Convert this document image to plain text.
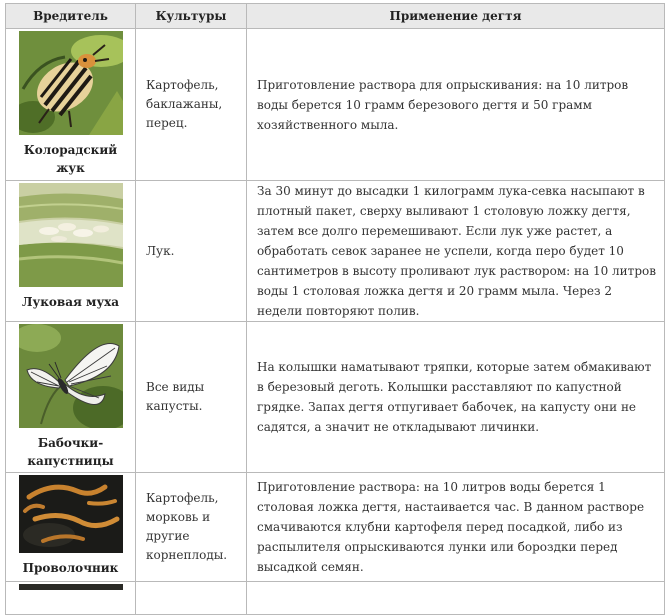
Вредитель	Культуры	Применение дегтя

Колорадский жук	Картофель, баклажаны, перец.	Приготовление раствора для опрыскивания: на 10 литров воды берется 10 грамм березового дегтя и 50 грамм хозяйственного мыла.

Луковая муха	Лук.	За 30 минут до высадки 1 килограмм лука-севка насыпают в плотный пакет, сверху выливают 1 столовую ложку дегтя, затем все долго перемешивают. Если лук уже растет, а обработать севок заранее не успели, когда перо будет 10 сантиметров в высоту проливают лук раствором: на 10 литров воды 1 столовая ложка дегтя и 20 грамм мыла. Через 2 недели повторяют полив.

Бабочки-капустницы	Все виды капусты.	На колышки наматывают тряпки, которые затем обмакивают в березовый деготь. Колышки расставляют по капустной грядке. Запах дегтя отпугивает бабочек, на капусту они не садятся, а значит не откладывают личинки.

Проволочник	Картофель, морковь и другие корнеплоды.	Приготовление раствора: на 10 литров воды берется 1 столовая ложка дегтя, настаивается час. В данном растворе смачиваются клубни картофеля перед посадкой, либо из распылителя опрыскиваются лунки или бороздки перед высадкой семян.
